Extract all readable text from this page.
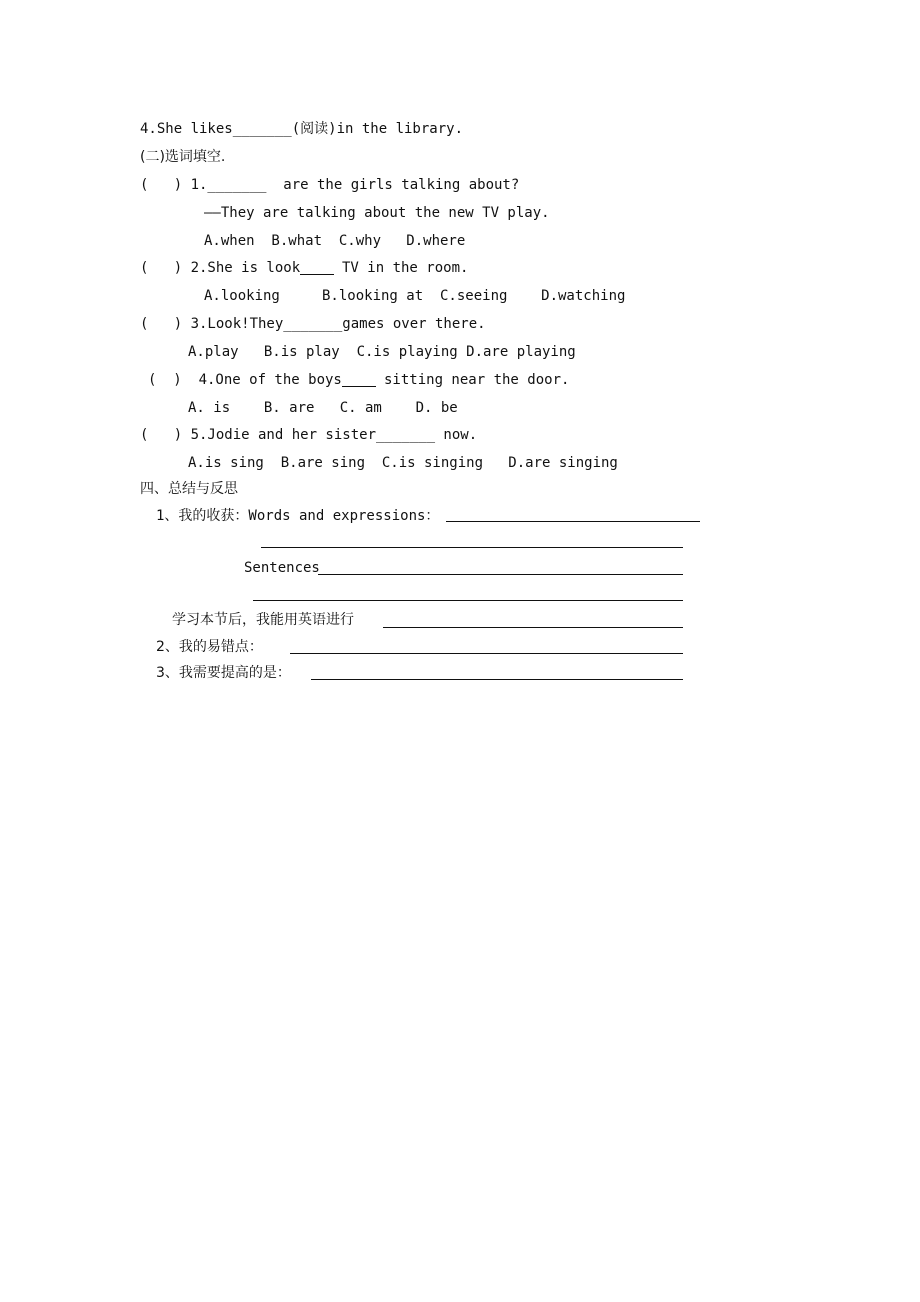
4.She likes_______(阅读)in the library.
(二)选词填空.
(   ) 1._______  are the girls talking about?
——They are talking about the new TV play.
A.when  B.what  C.why   D.where
(   ) 2.She is look	TV in the room.
A.looking     B.looking at  C.seeing    D.watching
(   ) 3.Look!They_______games over there.
A.play   B.is play  C.is playing D.are playing
(  )  4.One of the boys	sitting near the door.
A. is    B. are   C. am    D. be
(   ) 5.Jodie and her sister_______ now.
A.is sing  B.are sing  C.is singing   D.are singing
四、总结与反思
1、我的收获：Words and expressions：
Sentences
学习本节后，我能用英语进行
2、我的易错点：
3、我需要提高的是：
